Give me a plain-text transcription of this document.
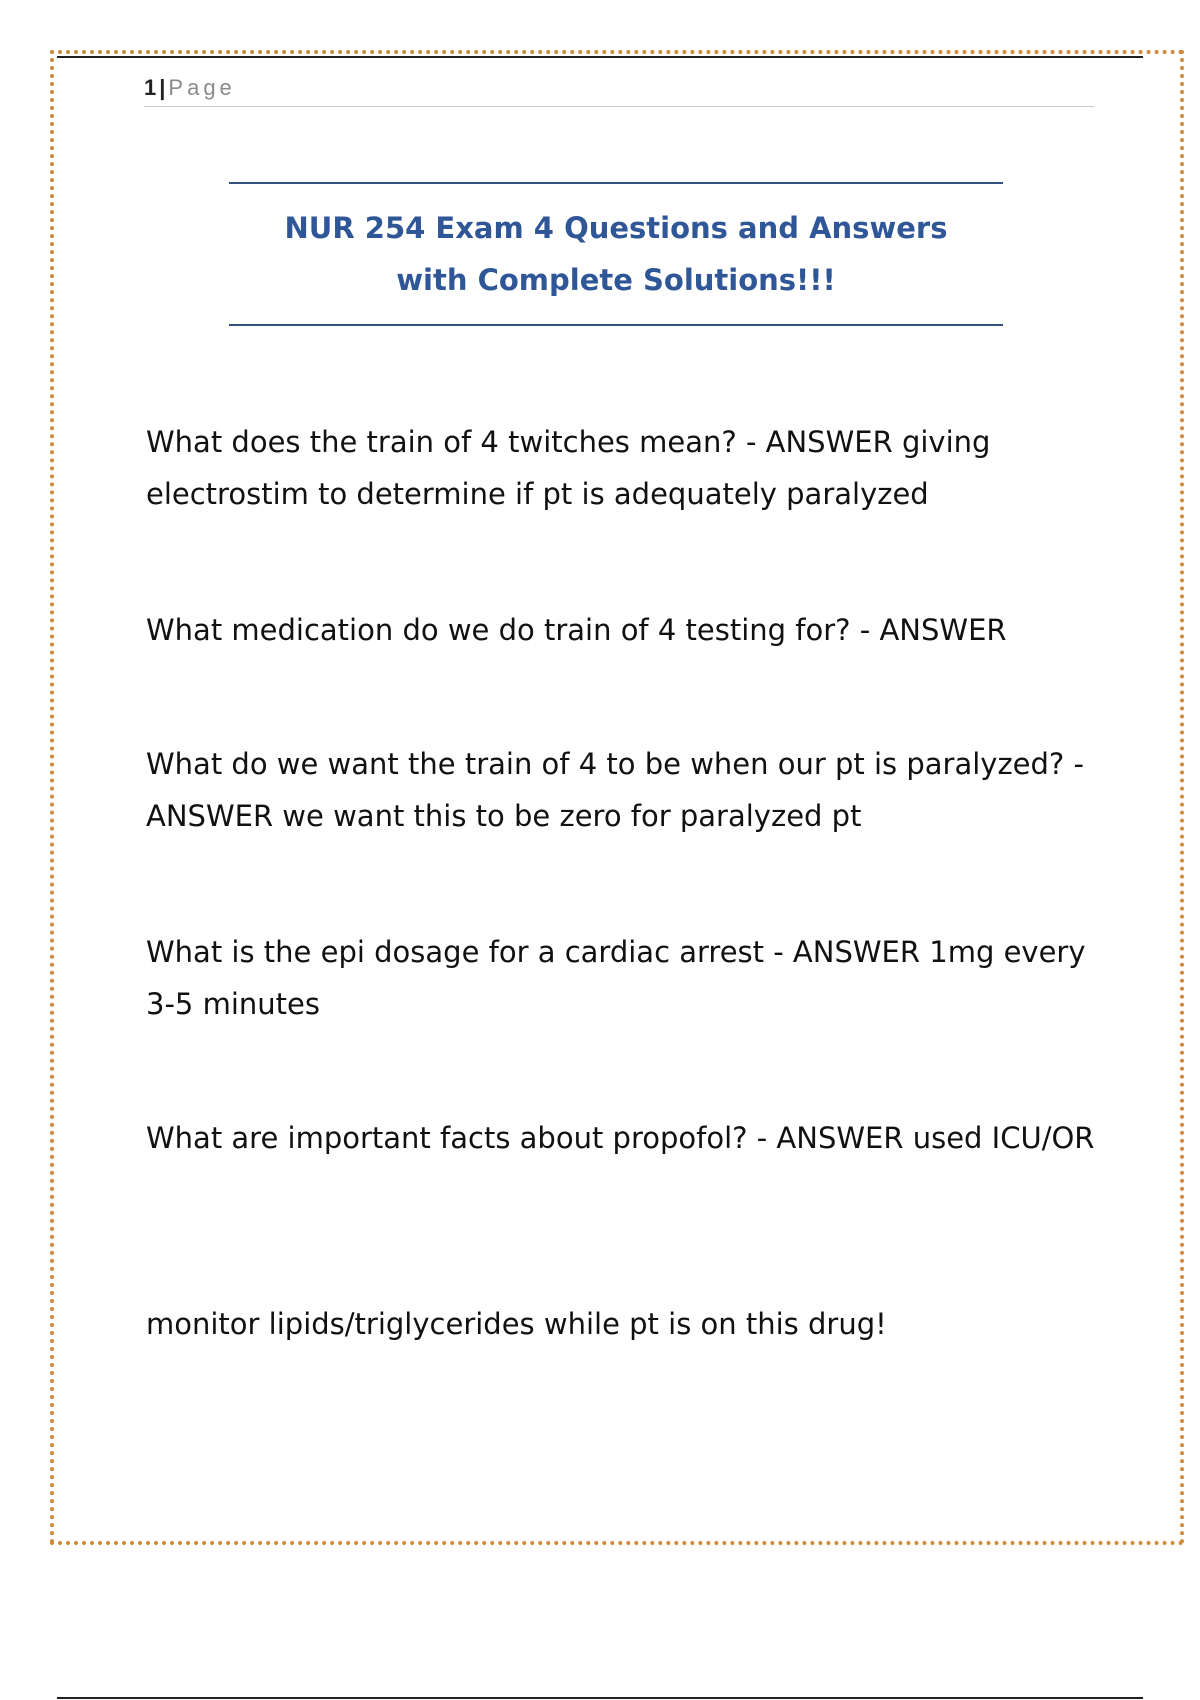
1 | Page
NUR 254 Exam 4 Questions and Answers with Complete Solutions!!!
What does the train of 4 twitches mean? - ANSWER giving electrostim to determine if pt is adequately paralyzed
What medication do we do train of 4 testing for? - ANSWER
What do we want the train of 4 to be when our pt is paralyzed? - ANSWER we want this to be zero for paralyzed pt
What is the epi dosage for a cardiac arrest - ANSWER 1mg every 3-5 minutes
What are important facts about propofol? - ANSWER used ICU/OR
monitor lipids/triglycerides while pt is on this drug!
